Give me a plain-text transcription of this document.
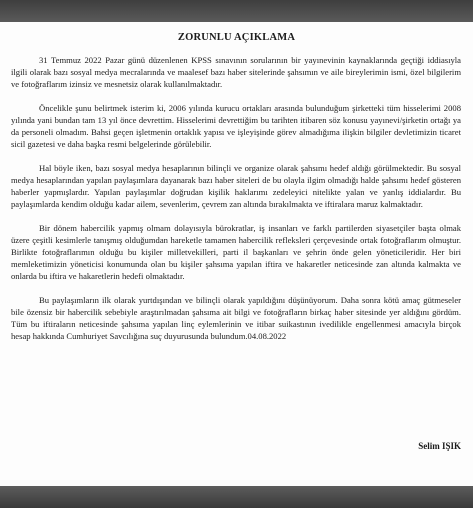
ZORUNLU AÇIKLAMA

31 Temmuz 2022 Pazar günü düzenlenen KPSS sınavının sorularının bir yayınevinin kaynaklarında geçtiği iddiasıyla ilgili olarak bazı sosyal medya mecralarında ve maalesef bazı haber sitelerinde şahsımın ve aile bireylerimin ismi, özel bilgilerim ve fotoğraflarım izinsiz ve mesnetsiz olarak kullanılmaktadır.

Öncelikle şunu belirtmek isterim ki, 2006 yılında kurucu ortakları arasında bulunduğum şirketteki tüm hisselerimi 2008 yılında yani bundan tam 13 yıl önce devrettim. Hisselerimi devrettiğim bu tarihten itibaren söz konusu yayınevi/şirketin ortağı ya da personeli olmadım. Bahsi geçen işletmenin ortaklık yapısı ve işleyişinde görev almadığıma ilişkin bilgiler devletimizin ticaret sicil gazetesi ve daha başka resmi belgelerinde görülebilir.

Hal böyle iken, bazı sosyal medya hesaplarının bilinçli ve organize olarak şahsımı hedef aldığı görülmektedir. Bu sosyal medya hesaplarından yapılan paylaşımlara dayanarak bazı haber siteleri de bu olayla ilgim olmadığı halde şahsımı hedef gösteren haberler yapmışlardır. Yapılan paylaşımlar doğrudan kişilik haklarımı zedeleyici nitelikte yalan ve yanlış iddialardır. Bu paylaşımlarda kendim olduğu kadar ailem, sevenlerim, çevrem zan altında bırakılmakta ve iftiralara maruz kalmaktadır.

Bir dönem habercilik yapmış olmam dolayısıyla bürokratlar, iş insanları ve farklı partilerden siyasetçiler başta olmak üzere çeşitli kesimlerle tanışmış olduğumdan hareketle tamamen habercilik refleksleri çerçevesinde ortak fotoğraflarım olmuştur. Birlikte fotoğraflarımın olduğu bu kişiler milletvekilleri, parti il başkanları ve şehrin önde gelen yöneticileridir. Her biri memleketimizin yöneticisi konumunda olan bu kişiler şahsıma yapılan iftira ve hakaretler neticesinde zan altında kalmakta ve onlarda bu iftira ve hakaretlerin hedefi olmaktadır.

Bu paylaşımların ilk olarak yurtdışından ve bilinçli olarak yapıldığını düşünüyorum. Daha sonra kötü amaç gütmeseler bile özensiz bir habercilik sebebiyle araştırılmadan şahsıma ait bilgi ve fotoğrafların birkaç haber sitesinde yer aldığını gördüm. Tüm bu iftiraların neticesinde şahsıma yapılan linç eylemlerinin ve itibar suikastının ivedilikle engellenmesi amacıyla birçok hesap hakkında Cumhuriyet Savcılığına suç duyurusunda bulundum.04.08.2022

Selim IŞIK
